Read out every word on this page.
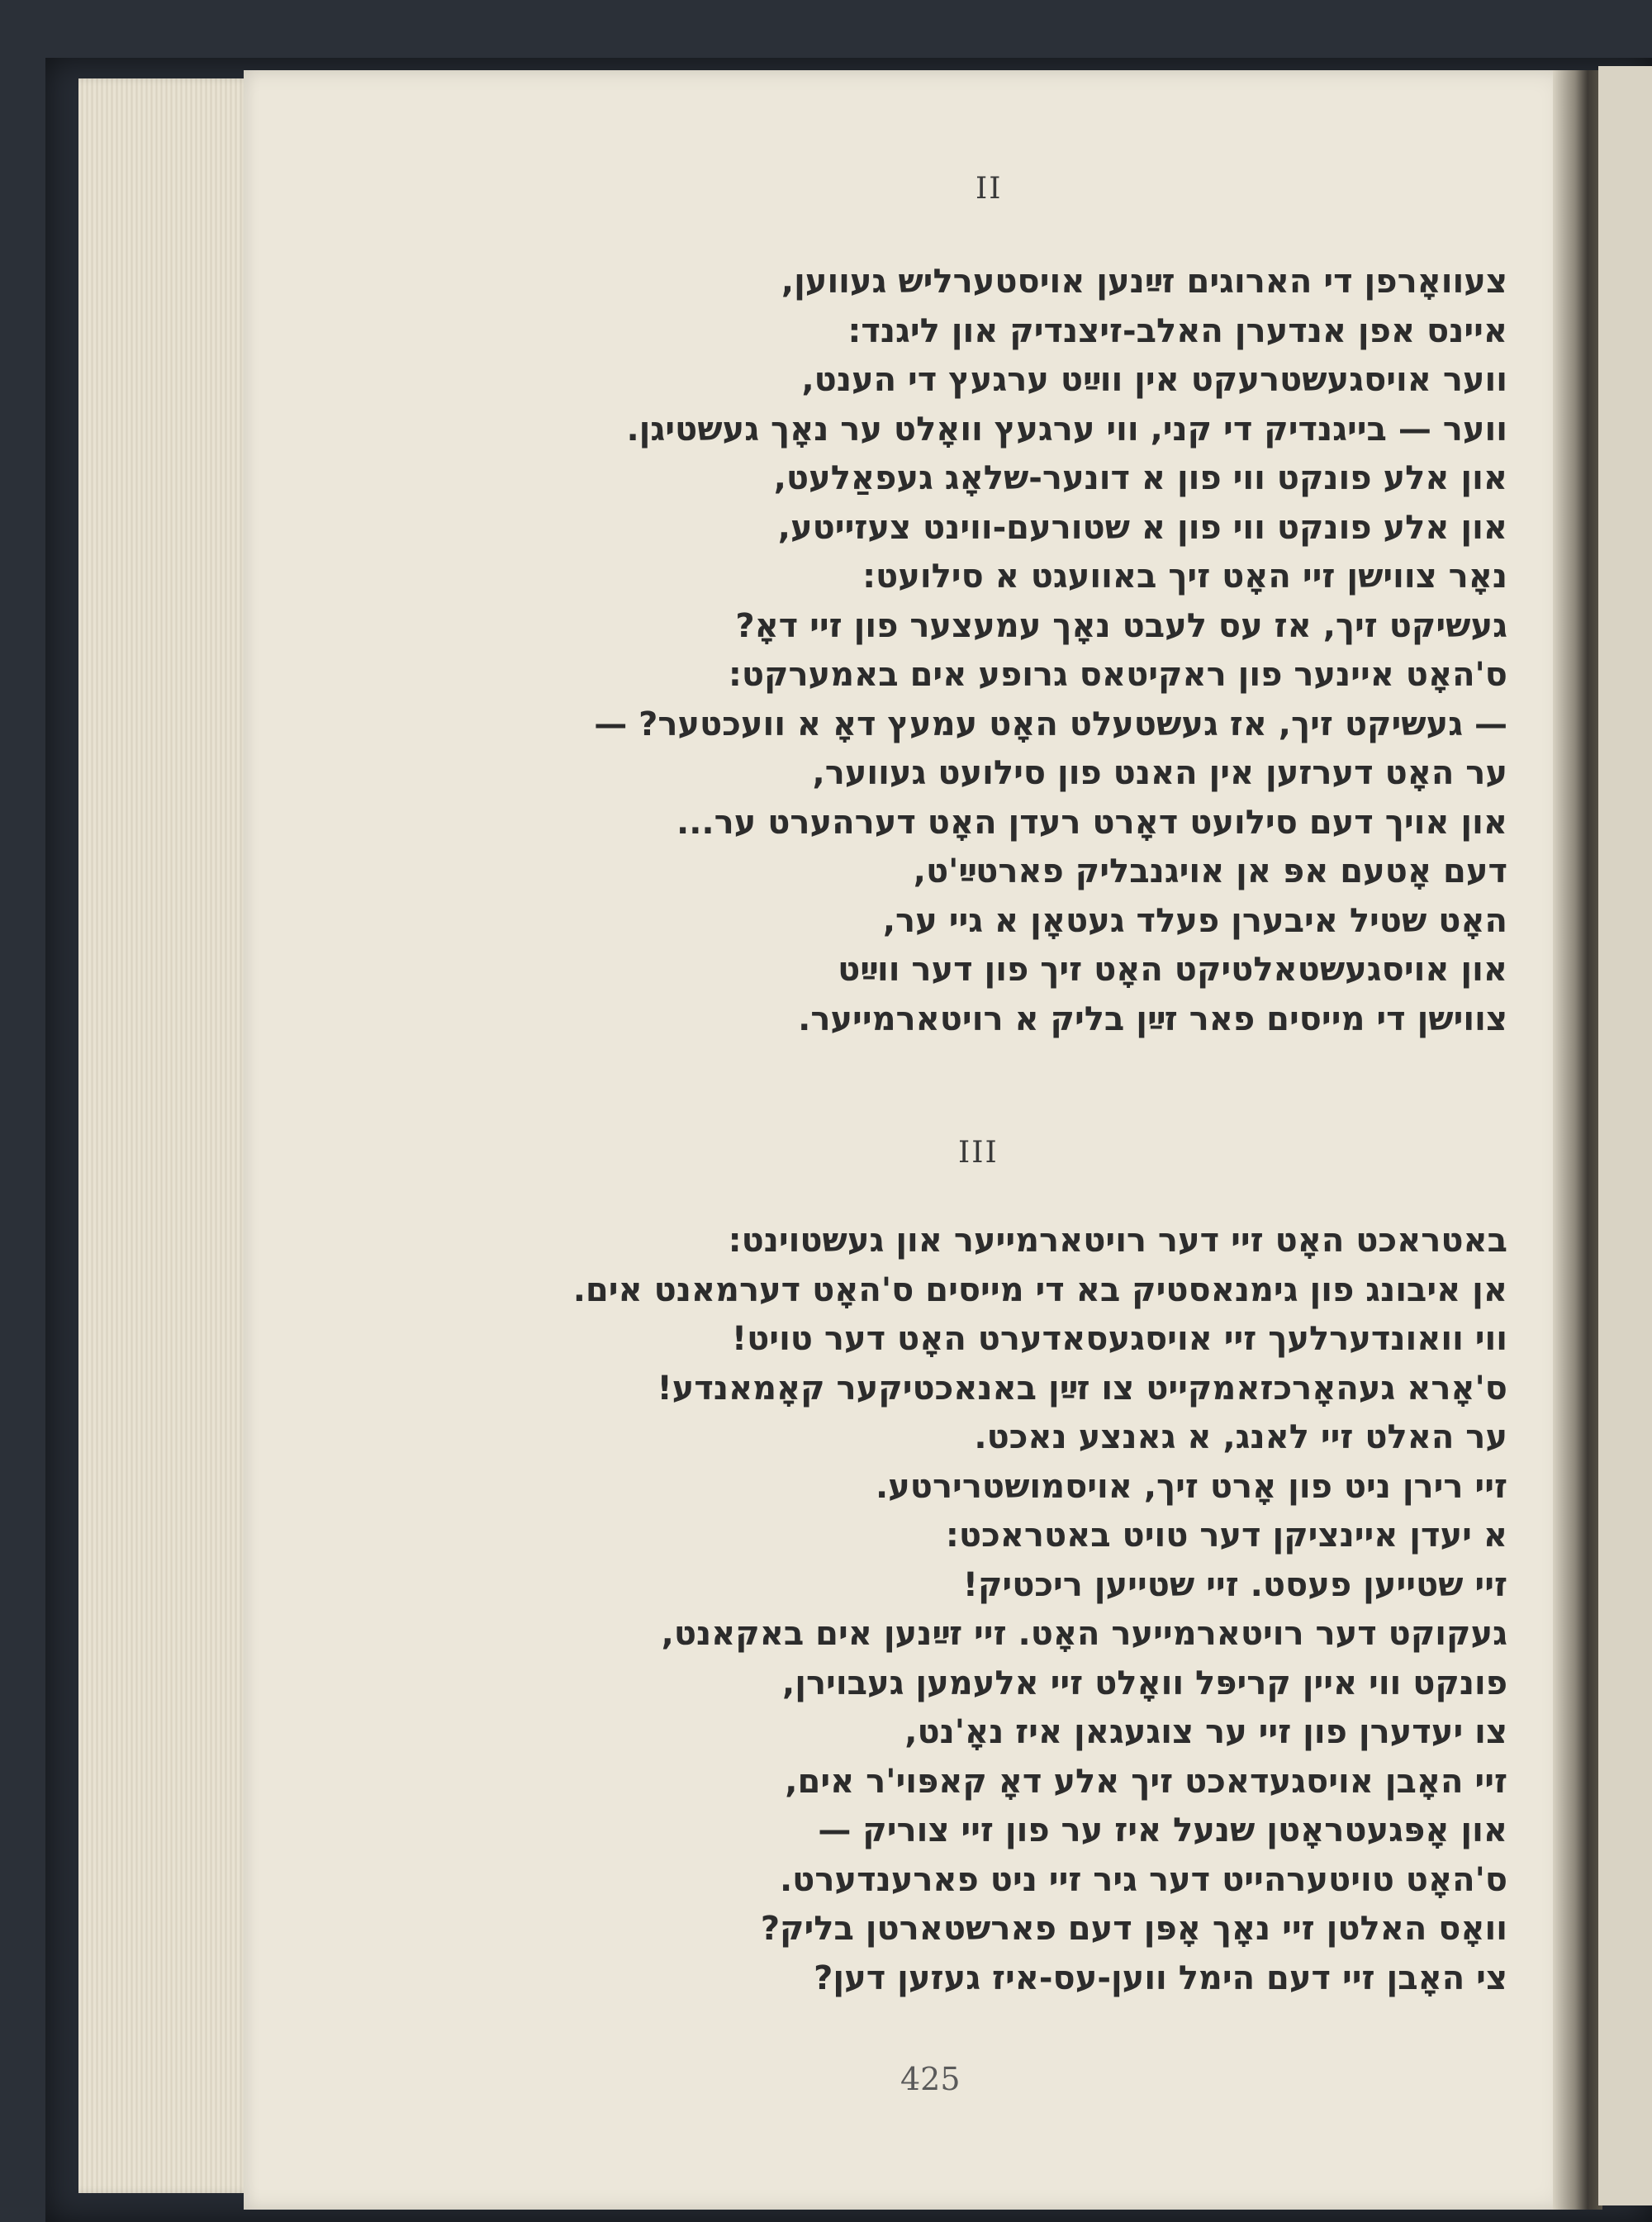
II
צעוואָרפן די הארוגים זײַנען אויסטערליש געווען,
איינס אפן אנדערן האלב-זיצנדיק און ליגנד:
ווער אויסגעשטרעקט אין ווײַט ערגעץ די הענט,
ווער — בייגנדיק די קני, ווי ערגעץ וואָלט ער נאָך געשטיגן.
און אלע פונקט ווי פון א דונער-שלאָג געפאַלעט,
און אלע פונקט ווי פון א שטורעם-ווינט צעזייטע,
נאָר צווישן זיי האָט זיך באוועגט א סילועט:
געשיקט זיך, אז עס לעבט נאָך עמעצער פון זיי דאָ?
ס'האָט איינער פון ראקיטאס גרופע אים באמערקט:
— געשיקט זיך, אז געשטעלט האָט עמעץ דאָ א וועכטער? —
ער האָט דערזען אין האנט פון סילועט געווער,
און אויך דעם סילועט דאָרט רעדן האָט דערהערט ער...
דעם אָטעם אפּ אן אויגנבליק פארטײַ'ט,
האָט שטיל איבערן פעלד געטאָן א גיי ער,
און אויסגעשטאלטיקט האָט זיך פון דער ווײַט
צווישן די מייסים פאר זײַן בליק א רויטארמייער.
III
באטראכט האָט זיי דער רויטארמייער און געשטוינט:
אן איבונג פון גימנאסטיק בא די מייסים ס'האָט דערמאנט אים.
ווי וואונדערלעך זיי אויסגעסאדערט האָט דער טויט!
ס'אָרא געהאָרכזאמקייט צו זײַן באנאכטיקער קאָמאנדע!
ער האלט זיי לאנג, א גאנצע נאכט.
זיי רירן ניט פון אָרט זיך, אויסמושטרירטע.
א יעדן איינציקן דער טויט באטראכט:
זיי שטייען פעסט. זיי שטייען ריכטיק!
געקוקט דער רויטארמייער האָט. זיי זײַנען אים באקאנט,
פונקט ווי איין קריפּל וואָלט זיי אלעמען געבוירן,
צו יעדערן פון זיי ער צוגעגאן איז נאָ'נט,
זיי האָבן אויסגעדאכט זיך אלע דאָ קאפּוי'ר אים,
און אָפּגעטראָטן שנעל איז ער פון זיי צוריק —
ס'האָט טויטערהייט דער גיר זיי ניט פארענדערט.
וואָס האלטן זיי נאָך אָפּן דעם פארשטארטן בליק?
צי האָבן זיי דעם הימל ווען-עס-איז געזען דען?
425
